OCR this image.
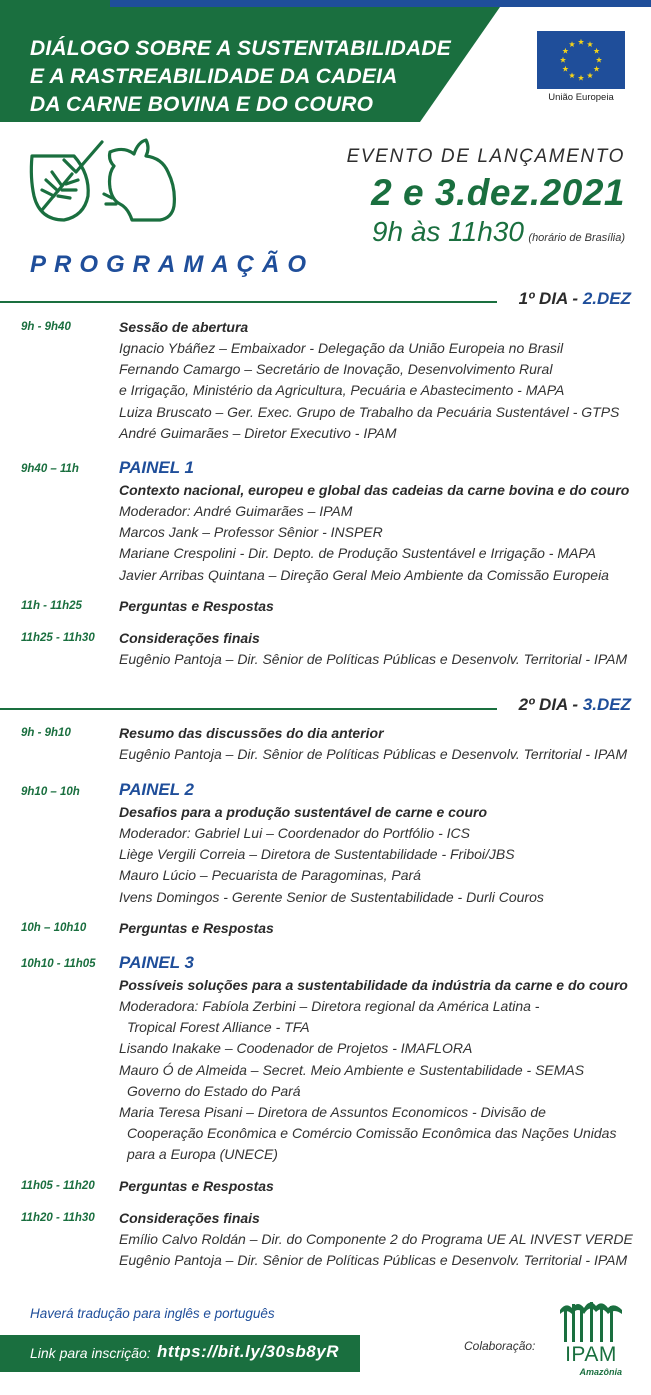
DIÁLOGO SOBRE A SUSTENTABILIDADE
E A RASTREABILIDADE DA CADEIA
DA CARNE BOVINA E DO COURO	União Europeia
EVENTO DE LANÇAMENTO
2 e 3.dez.2021
9h às 11h30 (horário de Brasília)
PROGRAMAÇÃO
1º DIA - 2.DEZ
9h - 9h40	Sessão de abertura
Ignacio Ybáñez – Embaixador - Delegação da União Europeia no Brasil
Fernando Camargo – Secretário de Inovação, Desenvolvimento Rural
e Irrigação, Ministério da Agricultura, Pecuária e Abastecimento - MAPA
Luiza Bruscato – Ger. Exec. Grupo de Trabalho da Pecuária Sustentável - GTPS
André Guimarães – Diretor Executivo - IPAM
9h40 – 11h PAINEL 1
Contexto nacional, europeu e global das cadeias da carne bovina e do couro
Moderador: André Guimarães – IPAM
Marcos Jank – Professor Sênior - INSPER
Mariane Crespolini - Dir. Depto. de Produção Sustentável e Irrigação - MAPA
Javier Arribas Quintana – Direção Geral Meio Ambiente da Comissão Europeia
11h - 11h25	Perguntas e Respostas
11h25 - 11h30 Considerações finais
Eugênio Pantoja – Dir. Sênior de Políticas Públicas e Desenvolv. Territorial - IPAM
2º DIA - 3.DEZ
9h - 9h10	Resumo das discussões do dia anterior
Eugênio Pantoja – Dir. Sênior de Políticas Públicas e Desenvolv. Territorial - IPAM
9h10 – 10h PAINEL 2
Desafios para a produção sustentável de carne e couro
Moderador: Gabriel Lui – Coordenador do Portfólio - ICS
Liège Vergili Correia – Diretora de Sustentabilidade - Friboi/JBS
Mauro Lúcio – Pecuarista de Paragominas, Pará
Ivens Domingos - Gerente Senior de Sustentabilidade - Durli Couros
10h – 10h10 Perguntas e Respostas
10h10 - 11h05 PAINEL 3
Possíveis soluções para a sustentabilidade da indústria da carne e do couro
Moderadora: Fabíola Zerbini – Diretora regional da América Latina -
Tropical Forest Alliance - TFA
Lisando Inakake – Coodenador de Projetos - IMAFLORA
Mauro Ó de Almeida – Secret. Meio Ambiente e Sustentabilidade - SEMAS
Governo do Estado do Pará
Maria Teresa Pisani – Diretora de Assuntos Economicos - Divisão de
Cooperação Econômica e Comércio Comissão Econômica das Nações Unidas
para a Europa (UNECE)
11h05 - 11h20 Perguntas e Respostas
11h20 - 11h30 Considerações finais
Emílio Calvo Roldán – Dir. do Componente 2 do Programa UE AL INVEST VERDE
Eugênio Pantoja – Dir. Sênior de Políticas Públicas e Desenvolv. Territorial - IPAM
Haverá tradução para inglês e português
Link para inscrição: https://bit.ly/30sb8yR	Colaboração: IPAM
Amazônia
